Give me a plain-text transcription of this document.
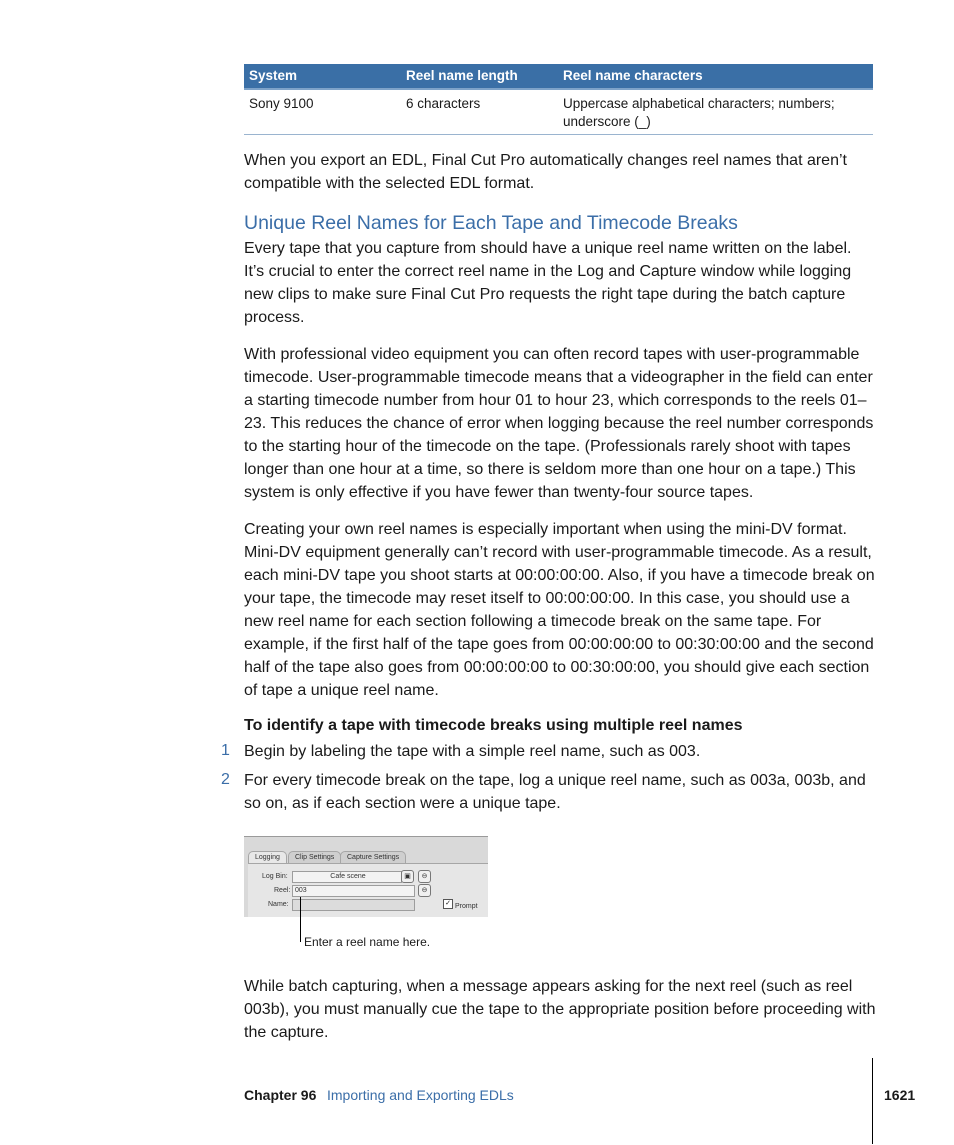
System	Reel name length	Reel name characters
Sony 9100	6 characters	Uppercase alphabetical characters; numbers; underscore (_)

When you export an EDL, Final Cut Pro automatically changes reel names that aren’t compatible with the selected EDL format.

Unique Reel Names for Each Tape and Timecode Breaks

Every tape that you capture from should have a unique reel name written on the label. It’s crucial to enter the correct reel name in the Log and Capture window while logging new clips to make sure Final Cut Pro requests the right tape during the batch capture process.

With professional video equipment you can often record tapes with user-programmable timecode. User-programmable timecode means that a videographer in the field can enter a starting timecode number from hour 01 to hour 23, which corresponds to the reels 01–23. This reduces the chance of error when logging because the reel number corresponds to the starting hour of the timecode on the tape. (Professionals rarely shoot with tapes longer than one hour at a time, so there is seldom more than one hour on a tape.) This system is only effective if you have fewer than twenty-four source tapes.

Creating your own reel names is especially important when using the mini-DV format. Mini-DV equipment generally can’t record with user-programmable timecode. As a result, each mini-DV tape you shoot starts at 00:00:00:00. Also, if you have a timecode break on your tape, the timecode may reset itself to 00:00:00:00. In this case, you should use a new reel name for each section following a timecode break on the same tape. For example, if the first half of the tape goes from 00:00:00:00 to 00:30:00:00 and the second half of the tape also goes from 00:00:00:00 to 00:30:00:00, you should give each section of tape a unique reel name.

To identify a tape with timecode breaks using multiple reel names

1 Begin by labeling the tape with a simple reel name, such as 003.

2 For every timecode break on the tape, log a unique reel name, such as 003a, 003b, and so on, as if each section were a unique tape.

Logging	Clip Settings	Capture Settings
Log Bin:	Cafe scene	▣	⊖
Reel: 003	⊖
Name:	✓ Prompt
Enter a reel name here.

While batch capturing, when a message appears asking for the next reel (such as reel 003b), you must manually cue the tape to the appropriate position before proceeding with the capture.

Chapter 96 Importing and Exporting EDLs	1621
